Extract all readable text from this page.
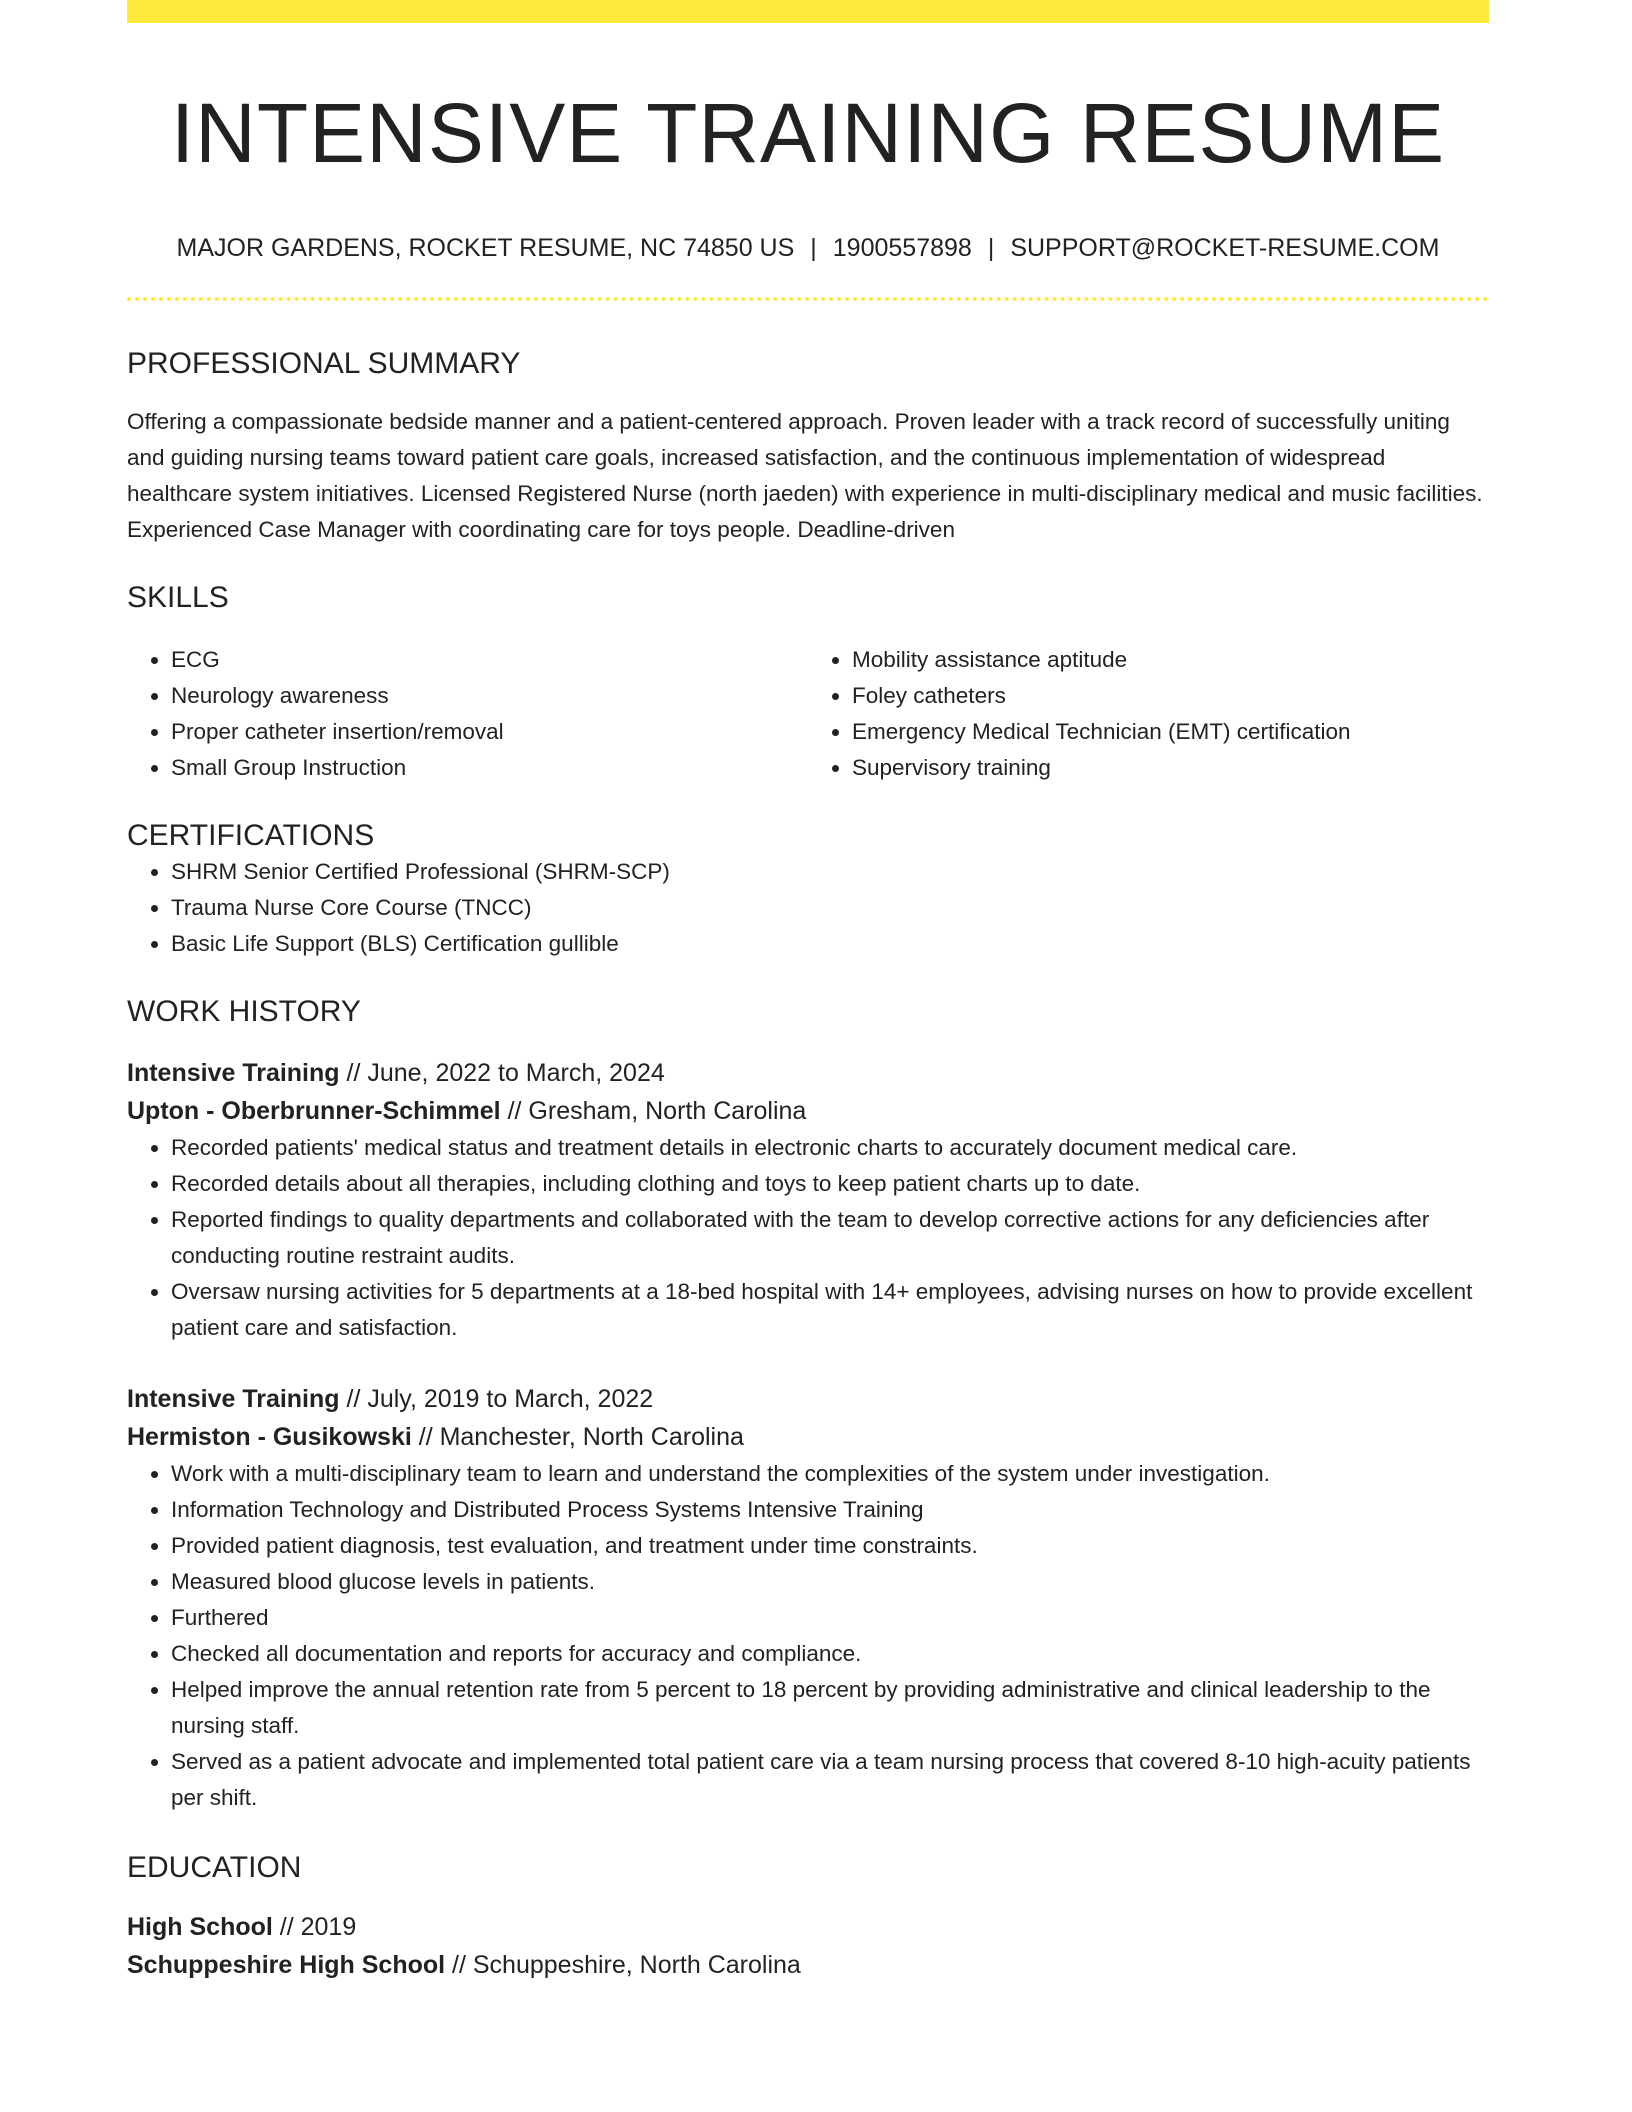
INTENSIVE TRAINING RESUME
MAJOR GARDENS, ROCKET RESUME, NC 74850 US | 1900557898 | SUPPORT@ROCKET-RESUME.COM
PROFESSIONAL SUMMARY
Offering a compassionate bedside manner and a patient-centered approach. Proven leader with a track record of successfully uniting and guiding nursing teams toward patient care goals, increased satisfaction, and the continuous implementation of widespread healthcare system initiatives. Licensed Registered Nurse (north jaeden) with experience in multi-disciplinary medical and music facilities. Experienced Case Manager with coordinating care for toys people. Deadline-driven
SKILLS
• ECG
• Neurology awareness
• Proper catheter insertion/removal
• Small Group Instruction
• Mobility assistance aptitude
• Foley catheters
• Emergency Medical Technician (EMT) certification
• Supervisory training
CERTIFICATIONS
• SHRM Senior Certified Professional (SHRM-SCP)
• Trauma Nurse Core Course (TNCC)
• Basic Life Support (BLS) Certification gullible
WORK HISTORY
Intensive Training // June, 2022 to March, 2024
Upton - Oberbrunner-Schimmel // Gresham, North Carolina
• Recorded patients' medical status and treatment details in electronic charts to accurately document medical care.
• Recorded details about all therapies, including clothing and toys to keep patient charts up to date.
• Reported findings to quality departments and collaborated with the team to develop corrective actions for any deficiencies after conducting routine restraint audits.
• Oversaw nursing activities for 5 departments at a 18-bed hospital with 14+ employees, advising nurses on how to provide excellent patient care and satisfaction.
Intensive Training // July, 2019 to March, 2022
Hermiston - Gusikowski // Manchester, North Carolina
• Work with a multi-disciplinary team to learn and understand the complexities of the system under investigation.
• Information Technology and Distributed Process Systems Intensive Training
• Provided patient diagnosis, test evaluation, and treatment under time constraints.
• Measured blood glucose levels in patients.
• Furthered
• Checked all documentation and reports for accuracy and compliance.
• Helped improve the annual retention rate from 5 percent to 18 percent by providing administrative and clinical leadership to the nursing staff.
• Served as a patient advocate and implemented total patient care via a team nursing process that covered 8-10 high-acuity patients per shift.
EDUCATION
High School // 2019
Schuppeshire High School // Schuppeshire, North Carolina
